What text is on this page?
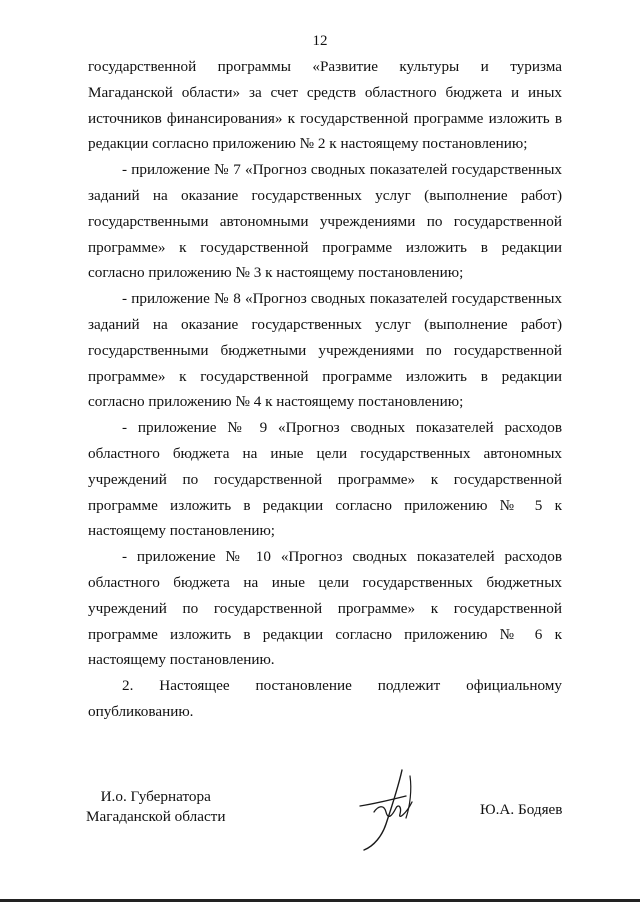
12

государственной программы «Развитие культуры и туризма Магаданской области» за счет средств областного бюджета и иных источников финансирования» к государственной программе изложить в редакции согласно приложению № 2 к настоящему постановлению;

- приложение № 7 «Прогноз сводных показателей государственных заданий на оказание государственных услуг (выполнение работ) государственными автономными учреждениями по государственной программе» к государственной программе изложить в редакции согласно приложению № 3 к настоящему постановлению;

- приложение № 8 «Прогноз сводных показателей государственных заданий на оказание государственных услуг (выполнение работ) государственными бюджетными учреждениями по государственной программе» к государственной программе изложить в редакции согласно приложению № 4 к настоящему постановлению;

- приложение № 9 «Прогноз сводных показателей расходов областного бюджета на иные цели государственных автономных учреждений по государственной программе» к государственной программе изложить в редакции согласно приложению № 5 к настоящему постановлению;

- приложение № 10 «Прогноз сводных показателей расходов областного бюджета на иные цели государственных бюджетных учреждений по государственной программе» к государственной программе изложить в редакции согласно приложению № 6 к настоящему постановлению.

2. Настоящее постановление подлежит официальному опубликованию.

И.о. Губернатора
Магаданской области	Ю.А. Бодяев
